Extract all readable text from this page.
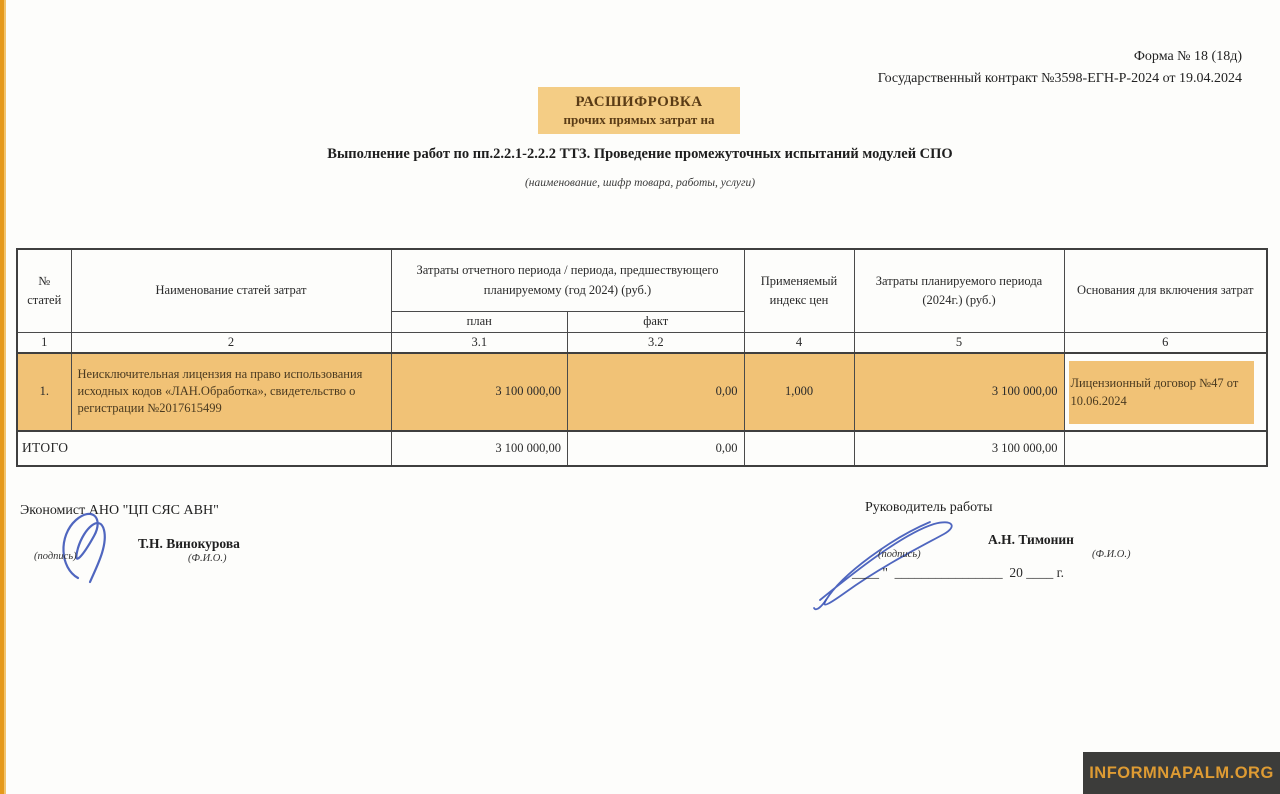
Форма № 18 (18д)
Государственный контракт №3598-ЕГН-Р-2024 от 19.04.2024
РАСШИФРОВКА
прочих прямых затрат на
Выполнение работ по пп.2.2.1-2.2.2 ТТЗ. Проведение промежуточных испытаний модулей СПО
(наименование, шифр товара, работы, услуги)
№ статей	Наименование статей затрат	Затраты отчетного периода / периода, предшествующего планируемому (год 2024) (руб.)		Применяемый индекс цен	Затраты планируемого периода (2024г.) (руб.)	Основания для включения затрат
		план	факт			
1	2	3.1	3.2	4	5	6
1.	Неисключительная лицензия на право использования исходных кодов «ЛАН.Обработка», свидетельство о регистрации №2017615499	3 100 000,00	0,00	1,000	3 100 000,00	Лицензионный договор №47 от 10.06.2024
ИТОГО		3 100 000,00	0,00		3 100 000,00	
Экономист АНО "ЦП СЯС АВН"
(подпись)
Т.Н. Винокурова
(Ф.И.О.)
Руководитель работы
А.Н. Тимонин
(подпись)	(Ф.И.О.)
____ "  ________________  20 ____ г.
INFORMNAPALM.ORG
